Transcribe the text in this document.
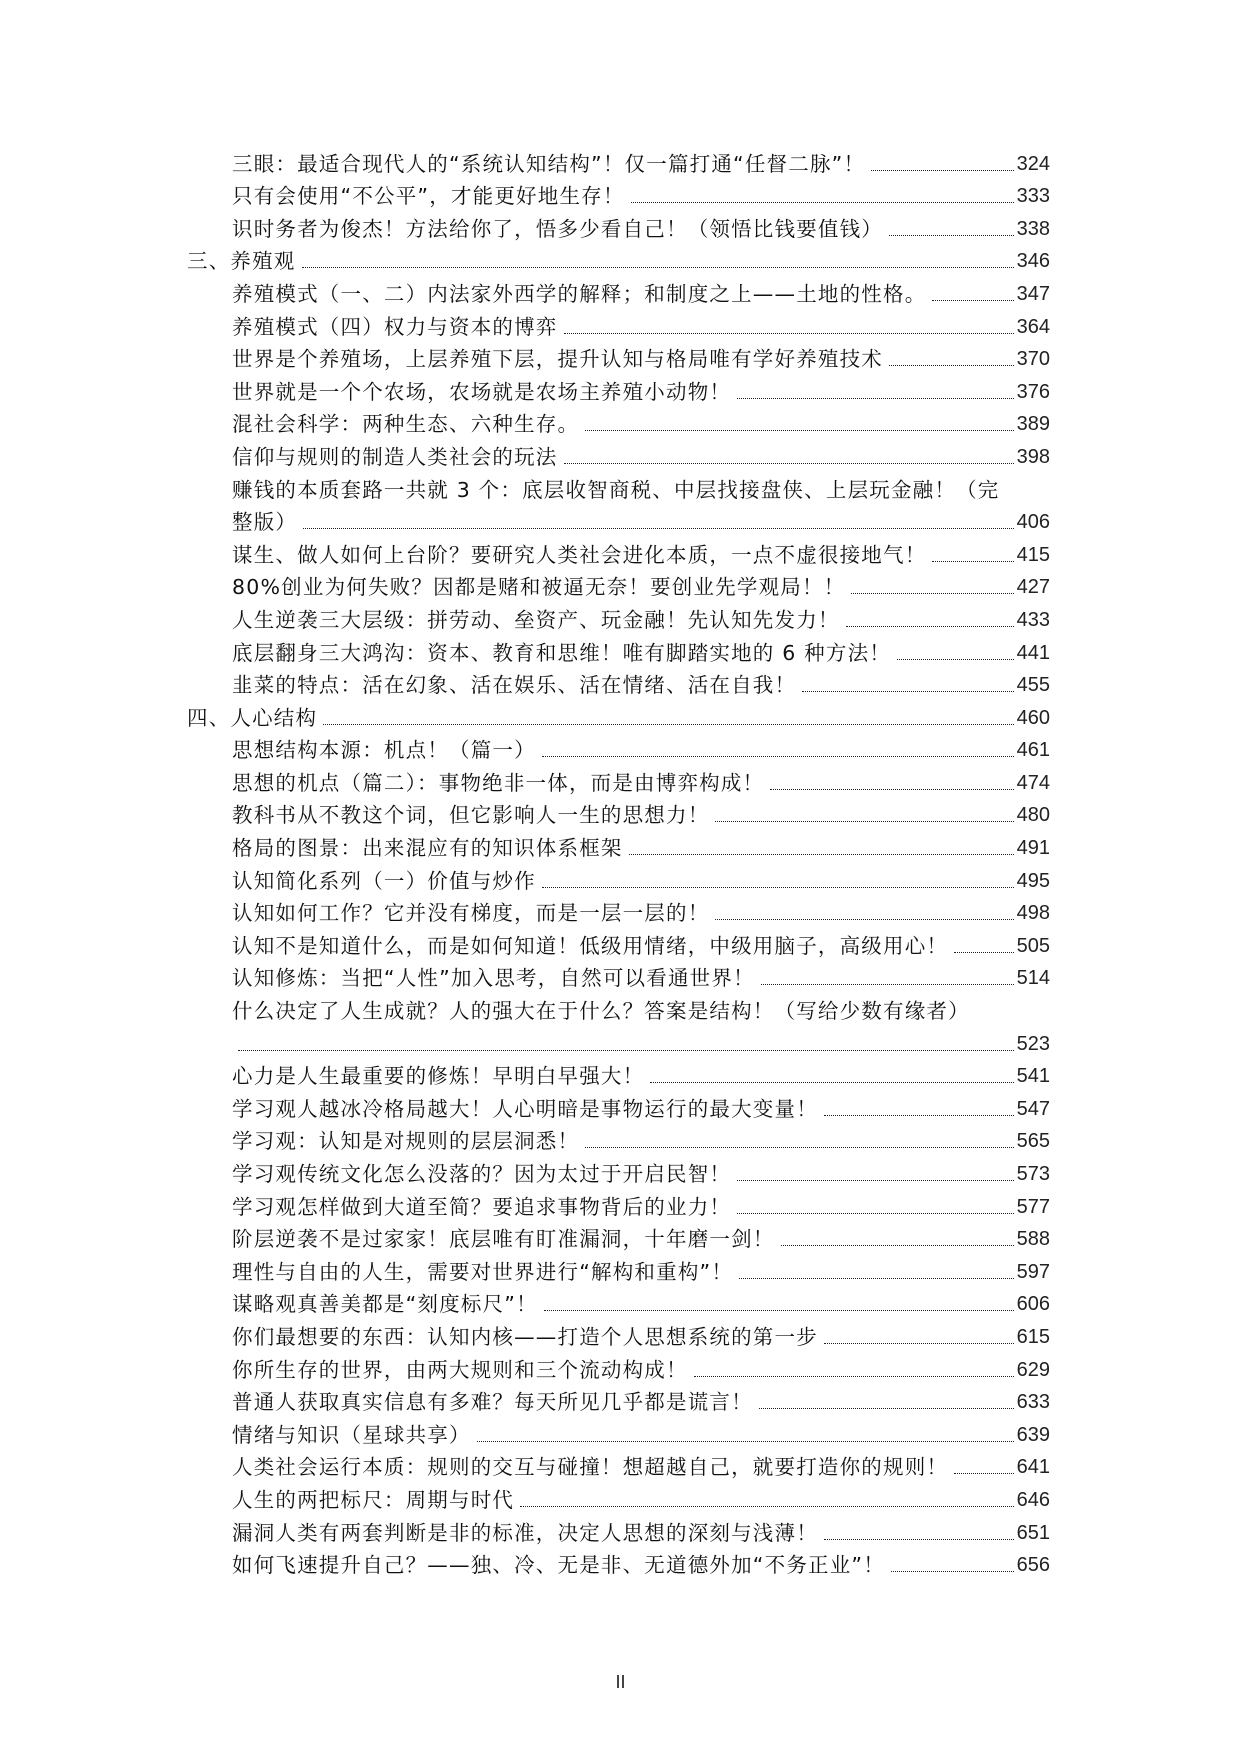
三眼：最适合现代人的“系统认知结构”！仅一篇打通“任督二脉”！	324
只有会使用“不公平”，才能更好地生存！	333
识时务者为俊杰！方法给你了，悟多少看自己！（领悟比钱要值钱）	338
三、养殖观	346
养殖模式（一、二）内法家外西学的解释；和制度之上——土地的性格。	347
养殖模式（四）权力与资本的博弈	364
世界是个养殖场，上层养殖下层，提升认知与格局唯有学好养殖技术	370
世界就是一个个农场，农场就是农场主养殖小动物！	376
混社会科学：两种生态、六种生存。	389
信仰与规则的制造人类社会的玩法	398
赚钱的本质套路一共就 3 个：底层收智商税、中层找接盘侠、上层玩金融！（完
整版）	406
谋生、做人如何上台阶？要研究人类社会进化本质，一点不虚很接地气！	415
80%创业为何失败？因都是赌和被逼无奈！要创业先学观局！！	427
人生逆袭三大层级：拼劳动、垒资产、玩金融！先认知先发力！	433
底层翻身三大鸿沟：资本、教育和思维！唯有脚踏实地的 6 种方法！	441
韭菜的特点：活在幻象、活在娱乐、活在情绪、活在自我！	455
四、人心结构	460
思想结构本源：机点！（篇一）	461
思想的机点（篇二）：事物绝非一体，而是由博弈构成！	474
教科书从不教这个词，但它影响人一生的思想力！	480
格局的图景：出来混应有的知识体系框架	491
认知简化系列（一）价值与炒作	495
认知如何工作？它并没有梯度，而是一层一层的！	498
认知不是知道什么，而是如何知道！低级用情绪，中级用脑子，高级用心！	505
认知修炼：当把“人性”加入思考，自然可以看通世界！	514
什么决定了人生成就？人的强大在于什么？答案是结构！（写给少数有缘者）
523
心力是人生最重要的修炼！早明白早强大！	541
学习观人越冰冷格局越大！人心明暗是事物运行的最大变量！	547
学习观：认知是对规则的层层洞悉！	565
学习观传统文化怎么没落的？因为太过于开启民智！	573
学习观怎样做到大道至简？要追求事物背后的业力！	577
阶层逆袭不是过家家！底层唯有盯准漏洞，十年磨一剑！	588
理性与自由的人生，需要对世界进行“解构和重构”！	597
谋略观真善美都是“刻度标尺”！	606
你们最想要的东西：认知内核——打造个人思想系统的第一步	615
你所生存的世界，由两大规则和三个流动构成！	629
普通人获取真实信息有多难？每天所见几乎都是谎言！	633
情绪与知识（星球共享）	639
人类社会运行本质：规则的交互与碰撞！想超越自己，就要打造你的规则！	641
人生的两把标尺：周期与时代	646
漏洞人类有两套判断是非的标准，决定人思想的深刻与浅薄！	651
如何飞速提升自己？——独、冷、无是非、无道德外加“不务正业”！	656
II
